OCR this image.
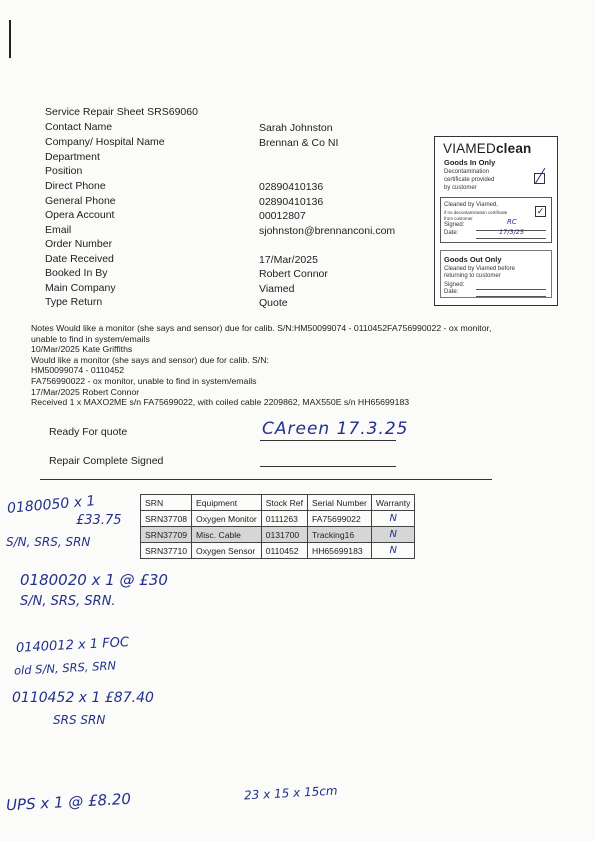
Service Repair Sheet SRS69060
Contact Name	Sarah Johnston
Company/ Hospital Name	Brennan & Co NI
Department
Position
Direct Phone	02890410136
General Phone	02890410136
Opera Account	00012807
Email	sjohnston@brennanconi.com
Order Number
Date Received	17/Mar/2025
Booked In By	Robert Connor
Main Company	Viamed
Type Return	Quote
VIAMEDclean
Goods In Only
Decontamination
certificate provided
by customer
Cleaned by Viamed,
if no decontamination certificate
from customer
✓
Signed:	RC
Date:	17/3/25
Goods Out Only
Cleaned by Viamed before
returning to customer
Signed:
Date:
Notes Would like a monitor (she says and sensor) due for calib. S/N:HM50099074 - 0110452FA756990022 - ox monitor,
unable to find in system/emails
10/Mar/2025 Kate Griffiths
Would like a monitor (she says and sensor) due for calib. S/N:
HM50099074 - 0110452
FA756990022 - ox monitor, unable to find in system/emails
17/Mar/2025 Robert Connor
Received 1 x MAXO2ME s/n FA75699022, with coiled cable 2209862, MAX550E s/n HH65699183
Ready For quote	CAreen 17.3.25
Repair Complete Signed
SRN	Equipment	Stock Ref	Serial Number	Warranty
SRN37708	Oxygen Monitor	0111263	FA75699022	N
SRN37709	Misc. Cable	0131700	Tracking16	N
SRN37710	Oxygen Sensor	0110452	HH65699183	N
0180050 x 1
£33.75
S/N, SRS, SRN
0180020 x 1 @ £30
S/N, SRS, SRN.
0140012 x 1 FOC
old S/N, SRS, SRN
0110452 x 1 £87.40
SRS SRN
UPS x 1 @ £8.20	23 x 15 x 15cm
